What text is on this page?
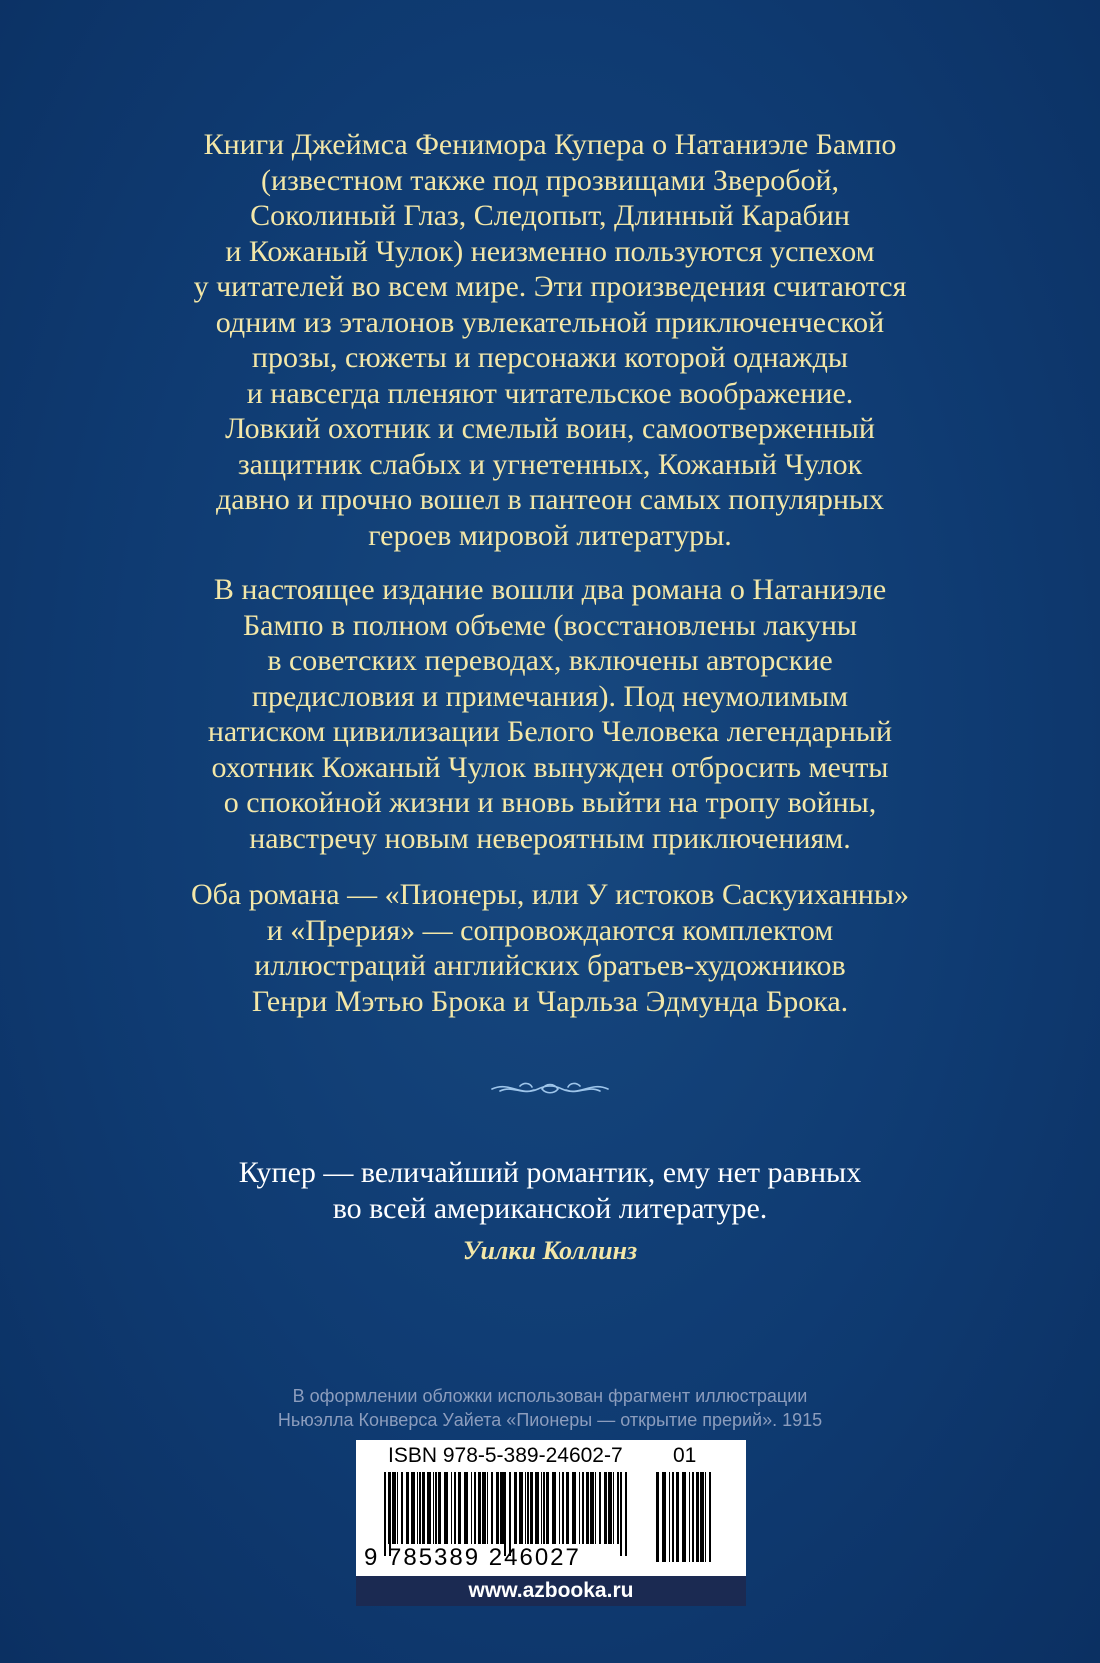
Книги Джеймса Фенимора Купера о Натаниэле Бампо
(известном также под прозвищами Зверобой,
Соколиный Глаз, Следопыт, Длинный Карабин
и Кожаный Чулок) неизменно пользуются успехом
у читателей во всем мире. Эти произведения считаются
одним из эталонов увлекательной приключенческой
прозы, сюжеты и персонажи которой однажды
и навсегда пленяют читательское воображение.
Ловкий охотник и смелый воин, самоотверженный
защитник слабых и угнетенных, Кожаный Чулок
давно и прочно вошел в пантеон самых популярных
героев мировой литературы.
В настоящее издание вошли два романа о Натаниэле
Бампо в полном объеме (восстановлены лакуны
в советских переводах, включены авторские
предисловия и примечания). Под неумолимым
натиском цивилизации Белого Человека легендарный
охотник Кожаный Чулок вынужден отбросить мечты
о спокойной жизни и вновь выйти на тропу войны,
навстречу новым невероятным приключениям.
Оба романа — «Пионеры, или У истоков Саскуиханны»
и «Прерия» — сопровождаются комплектом
иллюстраций английских братьев-художников
Генри Мэтью Брока и Чарльза Эдмунда Брока.
Купер — величайший романтик, ему нет равных
во всей американской литературе.
Уилки Коллинз
В оформлении обложки использован фрагмент иллюстрации
Ньюэлла Конверса Уайета «Пионеры — открытие прерий». 1915
ISBN 978-5-389-24602-7 01
9 785389 246027
www.azbooka.ru
